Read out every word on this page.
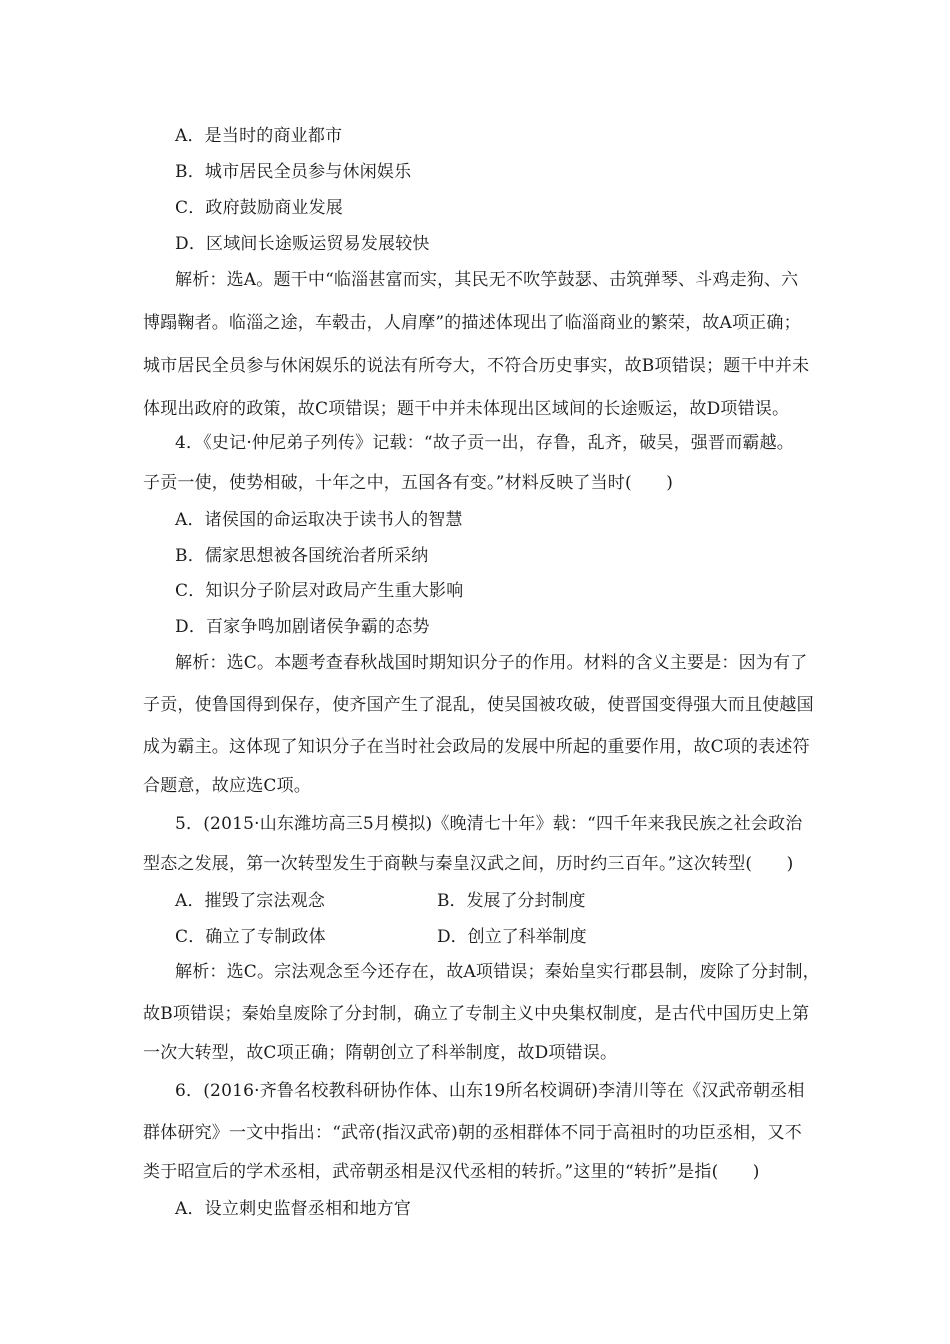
A．是当时的商业都市
B．城市居民全员参与休闲娱乐
C．政府鼓励商业发展
D．区域间长途贩运贸易发展较快
解析：选A。题干中“临淄甚富而实，其民无不吹竽鼓瑟、击筑弹琴、斗鸡走狗、六
博蹋鞠者。临淄之途，车毂击，人肩摩”的描述体现出了临淄商业的繁荣，故A项正确；
城市居民全员参与休闲娱乐的说法有所夸大，不符合历史事实，故B项错误；题干中并未
体现出政府的政策，故C项错误；题干中并未体现出区域间的长途贩运，故D项错误。
4．《史记·仲尼弟子列传》记载：“故子贡一出，存鲁，乱齐，破吴，强晋而霸越。
子贡一使，使势相破，十年之中，五国各有变。”材料反映了当时(　　)
A．诸侯国的命运取决于读书人的智慧
B．儒家思想被各国统治者所采纳
C．知识分子阶层对政局产生重大影响
D．百家争鸣加剧诸侯争霸的态势
解析：选C。本题考查春秋战国时期知识分子的作用。材料的含义主要是：因为有了
子贡，使鲁国得到保存，使齐国产生了混乱，使吴国被攻破，使晋国变得强大而且使越国
成为霸主。这体现了知识分子在当时社会政局的发展中所起的重要作用，故C项的表述符
合题意，故应选C项。
5．(2015·山东潍坊高三5月模拟)《晚清七十年》载：“四千年来我民族之社会政治
型态之发展，第一次转型发生于商鞅与秦皇汉武之间，历时约三百年。”这次转型(　　)
A．摧毁了宗法观念	B．发展了分封制度
C．确立了专制政体	D．创立了科举制度
解析：选C。宗法观念至今还存在，故A项错误；秦始皇实行郡县制，废除了分封制，
故B项错误；秦始皇废除了分封制，确立了专制主义中央集权制度，是古代中国历史上第
一次大转型，故C项正确；隋朝创立了科举制度，故D项错误。
6．(2016·齐鲁名校教科研协作体、山东19所名校调研)李清川等在《汉武帝朝丞相
群体研究》一文中指出：“武帝(指汉武帝)朝的丞相群体不同于高祖时的功臣丞相，又不
类于昭宣后的学术丞相，武帝朝丞相是汉代丞相的转折。”这里的“转折”是指(　　)
A．设立刺史监督丞相和地方官
